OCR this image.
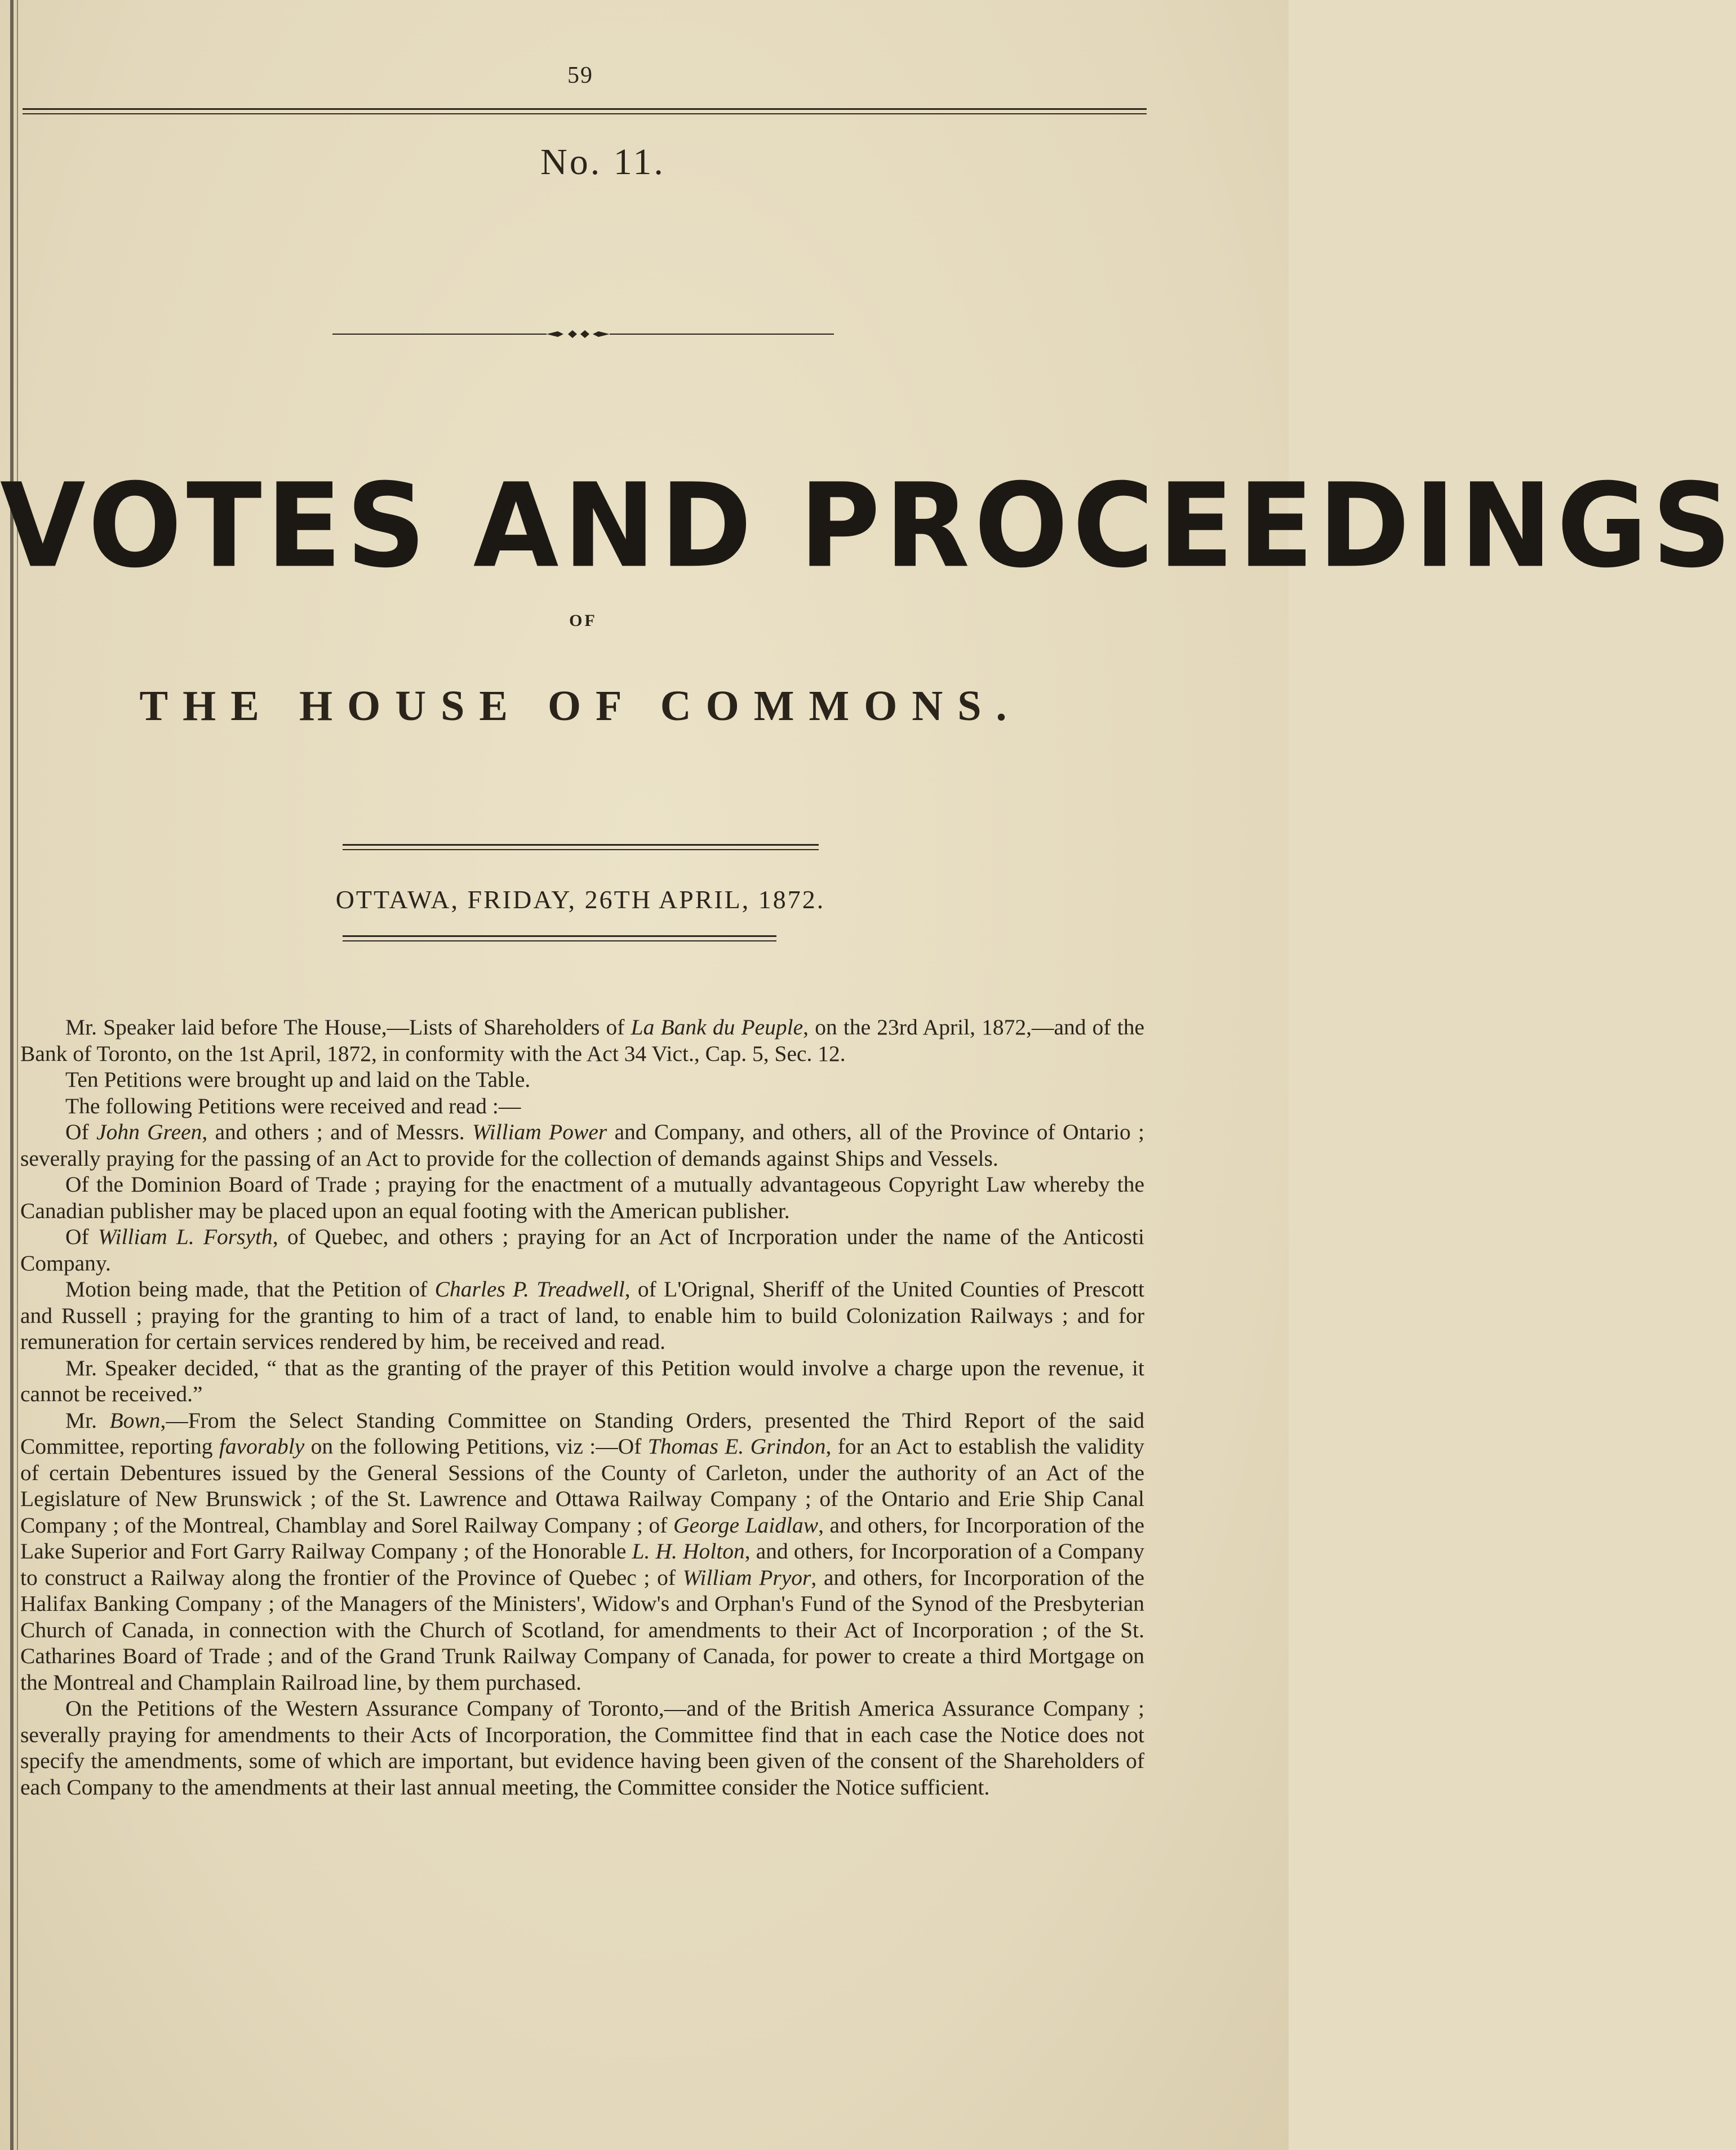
59
No. 11.
VOTES AND PROCEEDINGS
OF
THE HOUSE OF COMMONS.
OTTAWA, FRIDAY, 26TH APRIL, 1872.

Mr. Speaker laid before The House,—Lists of Shareholders of La Bank du Peuple, on the 23rd April, 1872,—and of the Bank of Toronto, on the 1st April, 1872, in conformity with the Act 34 Vict., Cap. 5, Sec. 12.

Ten Petitions were brought up and laid on the Table.

The following Petitions were received and read :—

Of John Green, and others ; and of Messrs. William Power and Company, and others, all of the Province of Ontario ; severally praying for the passing of an Act to provide for the collection of demands against Ships and Vessels.

Of the Dominion Board of Trade ; praying for the enactment of a mutually advantageous Copyright Law whereby the Canadian publisher may be placed upon an equal footing with the American publisher.

Of William L. Forsyth, of Quebec, and others ; praying for an Act of Incrporation under the name of the Anticosti Company.

Motion being made, that the Petition of Charles P. Treadwell, of L'Orignal, Sheriff of the United Counties of Prescott and Russell ; praying for the granting to him of a tract of land, to enable him to build Colonization Railways ; and for remuneration for certain services rendered by him, be received and read.

Mr. Speaker decided, “ that as the granting of the prayer of this Petition would involve a charge upon the revenue, it cannot be received.”

Mr. Bown,—From the Select Standing Committee on Standing Orders, presented the Third Report of the said Committee, reporting favorably on the following Petitions, viz :—Of Thomas E. Grindon, for an Act to establish the validity of certain Debentures issued by the General Sessions of the County of Carleton, under the authority of an Act of the Legislature of New Brunswick ; of the St. Lawrence and Ottawa Railway Company ; of the Ontario and Erie Ship Canal Company ; of the Montreal, Chamblay and Sorel Railway Company ; of George Laidlaw, and others, for Incorporation of the Lake Superior and Fort Garry Railway Company ; of the Honorable L. H. Holton, and others, for Incorporation of a Company to construct a Railway along the frontier of the Province of Quebec ; of William Pryor, and others, for Incorporation of the Halifax Banking Company ; of the Managers of the Ministers', Widow's and Orphan's Fund of the Synod of the Presbyterian Church of Canada, in connection with the Church of Scotland, for amendments to their Act of Incorporation ; of the St. Catharines Board of Trade ; and of the Grand Trunk Railway Company of Canada, for power to create a third Mortgage on the Montreal and Champlain Railroad line, by them purchased.

On the Petitions of the Western Assurance Company of Toronto,—and of the British America Assurance Company ; severally praying for amendments to their Acts of Incorporation, the Committee find that in each case the Notice does not specify the amendments, some of which are important, but evidence having been given of the consent of the Shareholders of each Company to the amendments at their last annual meeting, the Committee consider the Notice sufficient.
